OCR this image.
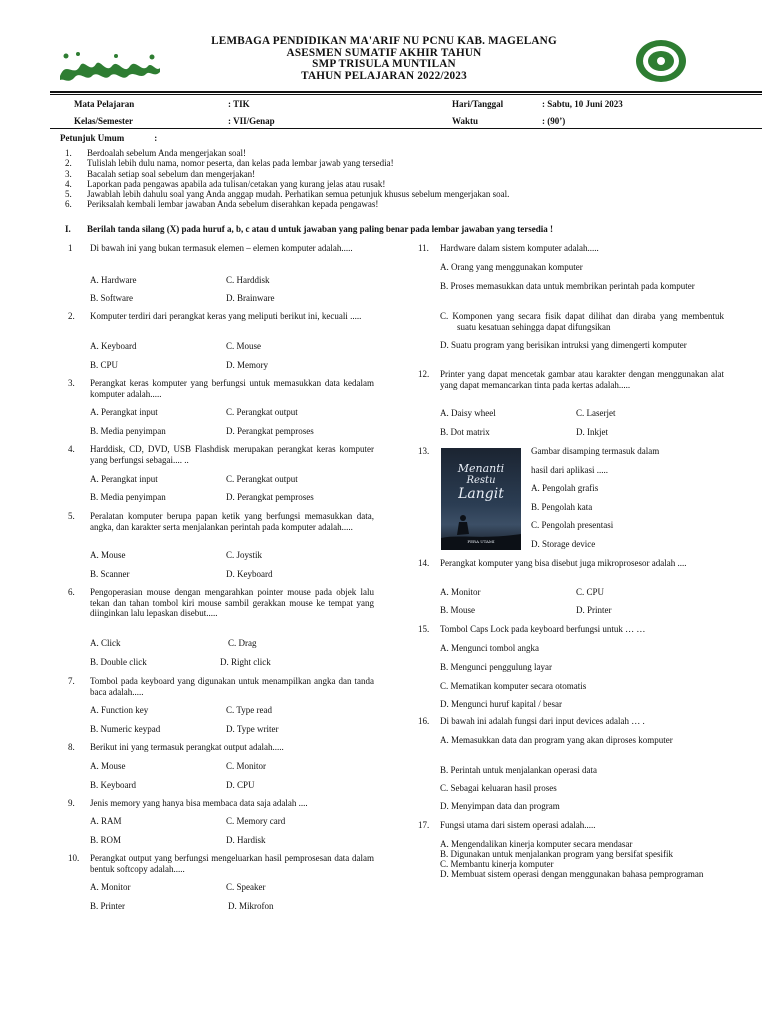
LEMBAGA PENDIDIKAN MA'ARIF NU PCNU KAB. MAGELANG
ASESMEN SUMATIF AKHIR TAHUN
SMP TRISULA MUNTILAN
TAHUN PELAJARAN 2022/2023
Mata Pelajaran	: TIK	Hari/Tanggal	: Sabtu, 10 Juni 2023
Kelas/Semester	: VII/Genap	Waktu	: (90’)
Petunjuk Umum	:
1. Berdoalah sebelum Anda mengerjakan soal!
2. Tulislah lebih dulu nama, nomor peserta, dan kelas pada lembar jawab yang tersedia!
3. Bacalah setiap soal sebelum dan mengerjakan!
4. Laporkan pada pengawas apabila ada tulisan/cetakan yang kurang jelas atau rusak!
5. Jawablah lebih dahulu soal yang Anda anggap mudah. Perhatikan semua petunjuk khusus sebelum mengerjakan soal.
6. Periksalah kembali lembar jawaban Anda sebelum diserahkan kepada pengawas!
I. Berilah tanda silang (X) pada huruf a, b, c atau d untuk jawaban yang paling benar pada lembar jawaban yang tersedia !
1 Di bawah ini yang bukan termasuk elemen – elemen komputer adalah.....
A. Hardware	C. Harddisk
B. Software	D. Brainware
2. Komputer terdiri dari perangkat keras yang meliputi berikut ini, kecuali .....
A. Keyboard	C. Mouse
B. CPU	D. Memory
3. Perangkat keras komputer yang berfungsi untuk memasukkan data kedalam komputer adalah.....
A. Perangkat input	C. Perangkat output
B. Media penyimpan	D. Perangkat pemproses
4. Harddisk, CD, DVD, USB Flashdisk merupakan perangkat keras komputer yang berfungsi sebagai.... ..
A. Perangkat input	C. Perangkat output
B. Media penyimpan	D. Perangkat pemproses
5. Peralatan komputer berupa papan ketik yang berfungsi memasukkan data, angka, dan karakter serta menjalankan perintah pada komputer adalah.....
A. Mouse	C. Joystik
B. Scanner	D. Keyboard
6. Pengoperasian mouse dengan mengarahkan pointer mouse pada objek lalu tekan dan tahan tombol kiri mouse sambil gerakkan mouse ke tempat yang diinginkan lalu lepaskan disebut.....
A. Click	C. Drag
B. Double click	D. Right click
7. Tombol pada keyboard yang digunakan untuk menampilkan angka dan tanda baca adalah.....
A. Function key	C. Type read
B. Numeric keypad	D. Type writer
8. Berikut ini yang termasuk perangkat output adalah.....
A. Mouse	C. Monitor
B. Keyboard	D. CPU
9. Jenis memory yang hanya bisa membaca data saja adalah ....
A. RAM	C. Memory card
B. ROM	D. Hardisk
10. Perangkat output yang berfungsi mengeluarkan hasil pemprosesan data dalam bentuk softcopy adalah.....
A. Monitor	C. Speaker
B. Printer	D. Mikrofon
11. Hardware dalam sistem komputer adalah.....
A. Orang yang menggunakan komputer
B. Proses memasukkan data untuk membrikan perintah pada komputer
C. Komponen yang secara fisik dapat dilihat dan diraba yang membentuk suatu kesatuan sehingga dapat difungsikan
D. Suatu program yang berisikan intruksi yang dimengerti komputer
12. Printer yang dapat mencetak gambar atau karakter dengan menggunakan alat yang dapat memancarkan tinta pada kertas adalah.....
A. Daisy wheel	C. Laserjet
B. Dot matrix	D. Inkjet
13.
Menanti
Restu
Langit
FERA UTAMI
Gambar disamping termasuk dalam
hasil dari aplikasi .....
A. Pengolah grafis
B. Pengolah kata
C. Pengolah presentasi
D. Storage device
14. Perangkat komputer yang bisa disebut juga mikroprosesor adalah ....
A. Monitor	C. CPU
B. Mouse	D. Printer
15. Tombol Caps Lock pada keyboard berfungsi untuk … …
A. Mengunci tombol angka
B. Mengunci penggulung layar
C. Mematikan komputer secara otomatis
D. Mengunci huruf kapital / besar
16. Di bawah ini adalah fungsi dari input devices adalah … .
A. Memasukkan data dan program yang akan diproses komputer
B. Perintah untuk menjalankan operasi data
C. Sebagai keluaran hasil proses
D. Menyimpan data dan program
17. Fungsi utama dari sistem operasi adalah.....
A. Mengendalikan kinerja komputer secara mendasar
B. Digunakan untuk menjalankan program yang bersifat spesifik
C. Membantu kinerja komputer
D. Membuat sistem operasi dengan menggunakan bahasa pemprograman
